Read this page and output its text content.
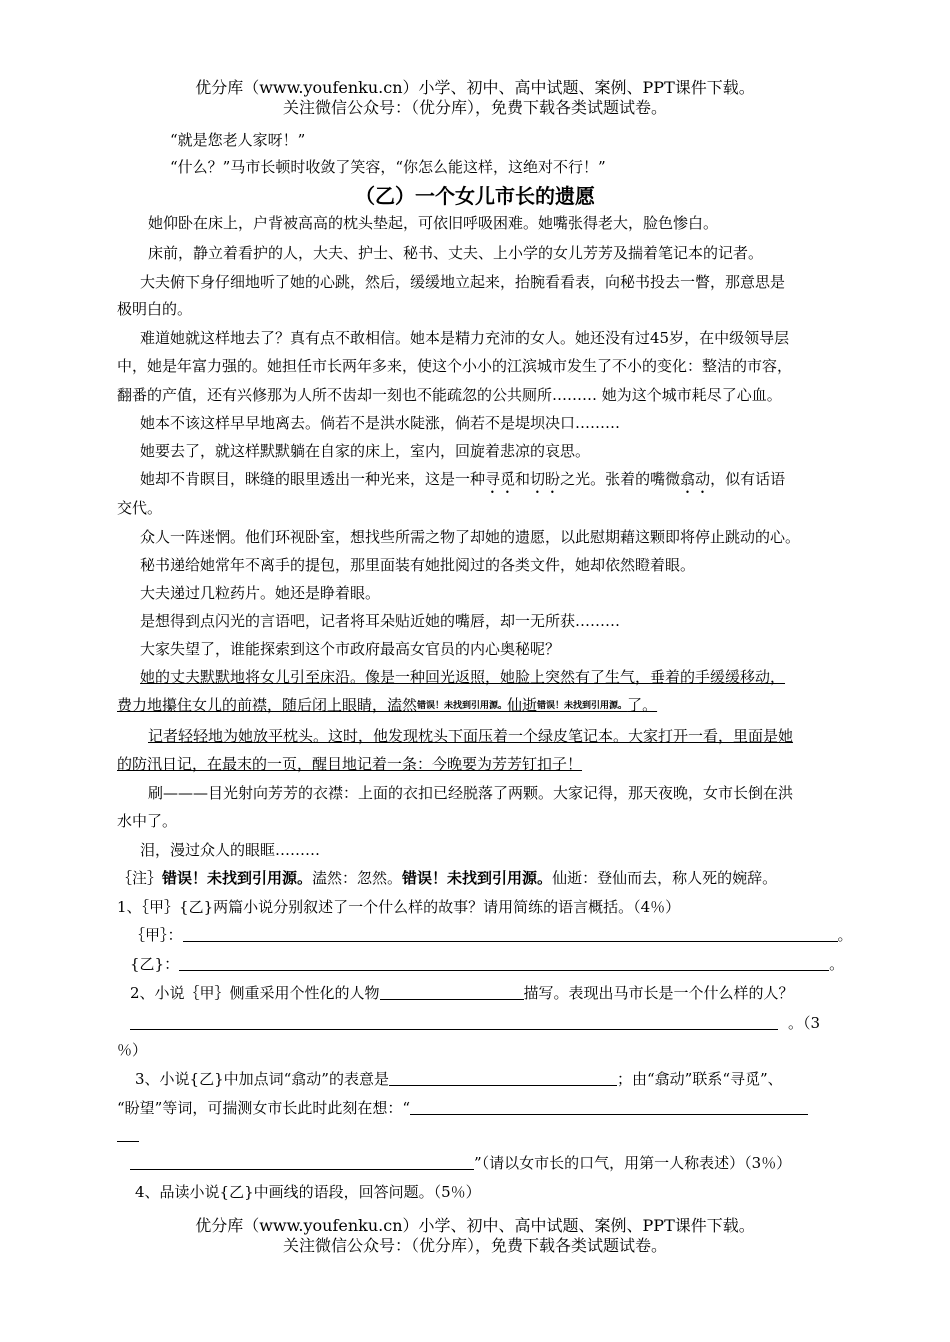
优分库（www.youfenku.cn）小学、初中、高中试题、案例、PPT课件下载。
关注微信公众号：（优分库），免费下载各类试题试卷。
“就是您老人家呀！”
“什么？”马市长顿时收敛了笑容，“你怎么能这样，这绝对不行！”
（乙）一个女儿市长的遗愿
她仰卧在床上，户背被高高的枕头垫起，可依旧呼吸困难。她嘴张得老大，脸色惨白。
床前，静立着看护的人，大夫、护士、秘书、丈夫、上小学的女儿芳芳及揣着笔记本的记者。
大夫俯下身仔细地听了她的心跳，然后，缓缓地立起来，抬腕看看表，向秘书投去一瞥，那意思是
极明白的。
难道她就这样地去了？真有点不敢相信。她本是精力充沛的女人。她还没有过45岁，在中级领导层
中，她是年富力强的。她担任市长两年多来，使这个小小的江滨城市发生了不小的变化：整洁的市容，
翻番的产值，还有兴修那为人所不齿却一刻也不能疏忽的公共厕所……… 她为这个城市耗尽了心血。
她本不该这样早早地离去。倘若不是洪水陡涨，倘若不是堤坝决口………
她要去了，就这样默默躺在自家的床上，室内，回旋着悲凉的哀思。
她却不肯瞑目，眯缝的眼里透出一种光来，这是一种寻觅和切盼之光。张着的嘴微翕动，似有话语
交代。
众人一阵迷惘。他们环视卧室，想找些所需之物了却她的遗愿，以此慰期藉这颗即将停止跳动的心。
秘书递给她常年不离手的提包，那里面装有她批阅过的各类文件，她却依然瞪着眼。
大夫递过几粒药片。她还是睁着眼。
是想得到点闪光的言语吧，记者将耳朵贴近她的嘴唇，却一无所获………
大家失望了，谁能探索到这个市政府最高女官员的内心奥秘呢？
她的丈夫默默地将女儿引至床沿。像是一种回光返照，她脸上突然有了生气，垂着的手缓缓移动，
费力地攥住女儿的前襟，随后闭上眼睛，溘然错误！未找到引用源。仙逝错误！未找到引用源。了。
记者轻轻地为她放平枕头。这时，他发现枕头下面压着一个绿皮笔记本。大家打开一看，里面是她
的防汛日记，在最末的一页，醒目地记着一条：今晚要为芳芳钉扣子！
刷———目光射向芳芳的衣襟：上面的衣扣已经脱落了两颗。大家记得，那天夜晚，女市长倒在洪
水中了。
泪，漫过众人的眼眶………
｛注｝错误！未找到引用源。溘然：忽然。错误！未找到引用源。仙逝：登仙而去，称人死的婉辞。
1、｛甲｝{乙}两篇小说分别叙述了一个什么样的故事？请用简练的语言概括。（4％）
｛甲｝：	。
{乙}：	。
2、小说｛甲｝侧重采用个性化的人物	描写。表现出马市长是一个什么样的人？
。（3
％）
3、小说{乙}中加点词“翕动”的表意是	；由“翕动”联系“寻觅”、
“盼望”等词，可揣测女市长此时此刻在想：“
”（请以女市长的口气，用第一人称表述）（3％）
4、品读小说{乙}中画线的语段，回答问题。（5％）
优分库（www.youfenku.cn）小学、初中、高中试题、案例、PPT课件下载。
关注微信公众号：（优分库），免费下载各类试题试卷。
